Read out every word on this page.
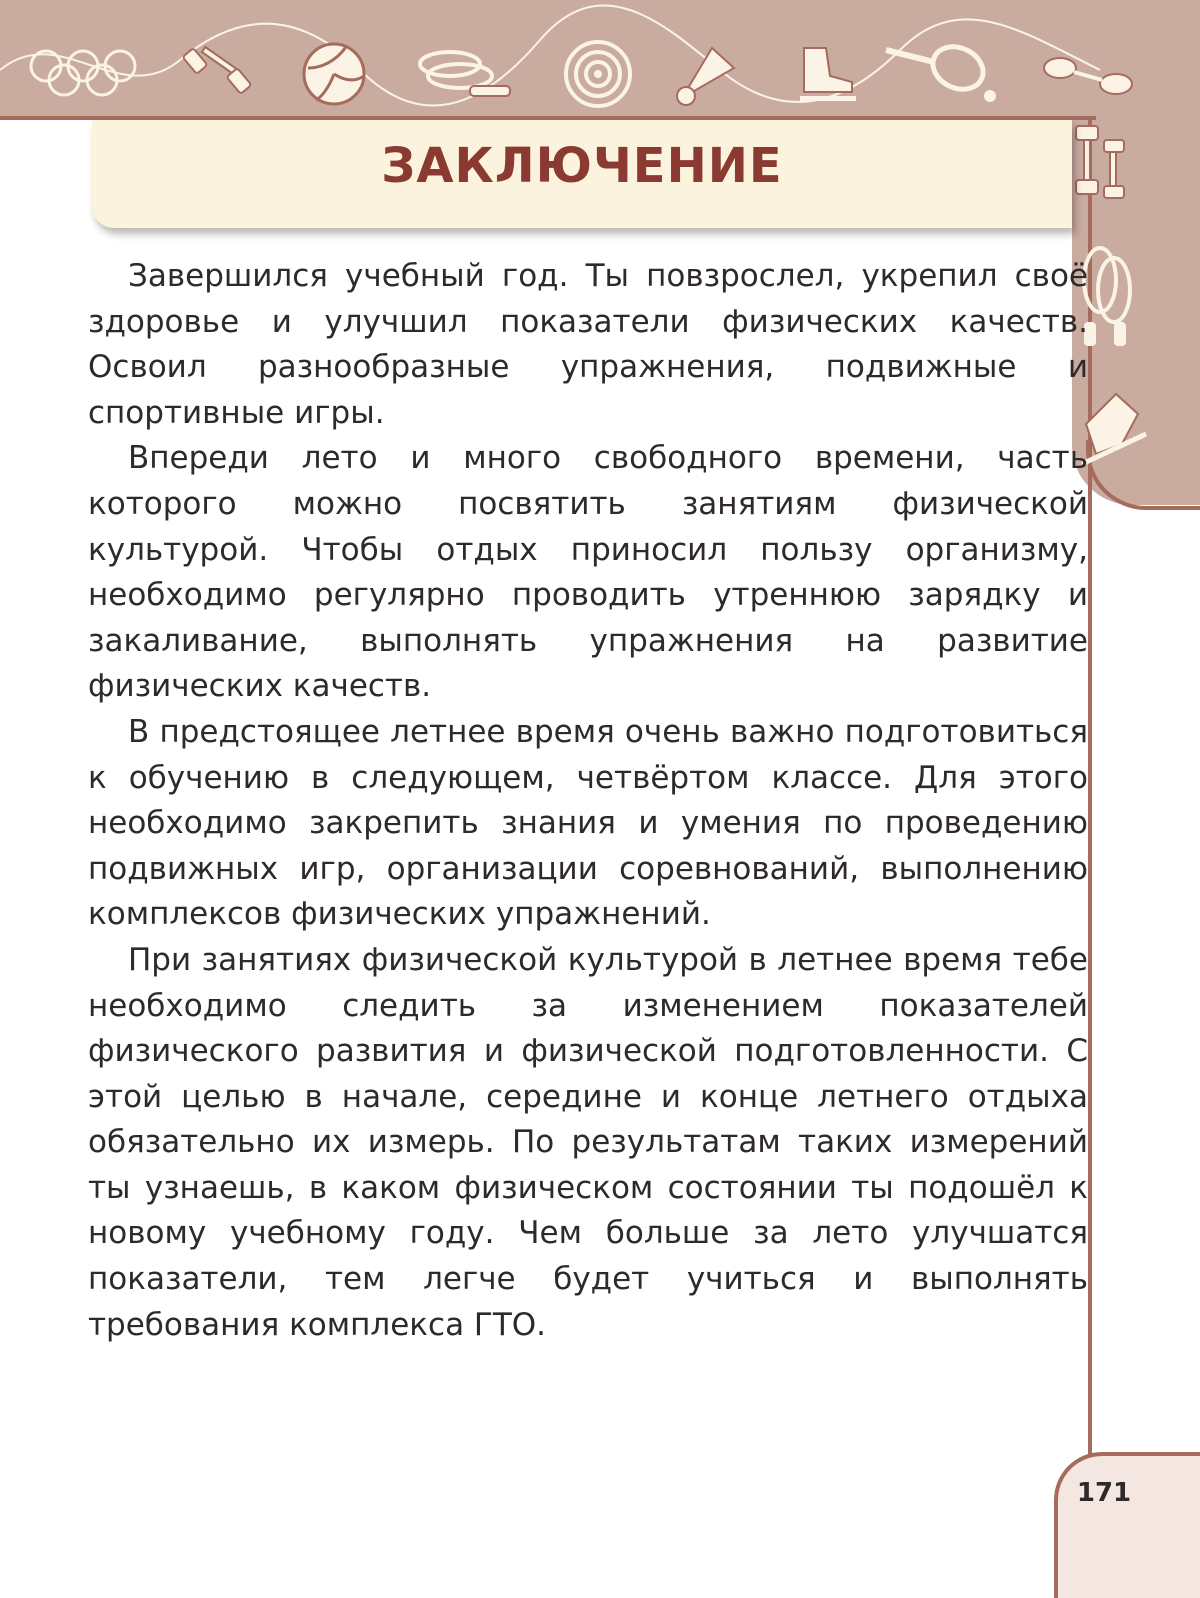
ЗАКЛЮЧЕНИЕ

Завершился учебный год. Ты повзрослел, укрепил своё здоровье и улучшил показатели физических качеств. Освоил разнообразные упражнения, подвижные и спортивные игры.

Впереди лето и много свободного времени, часть которого можно посвятить занятиям физической культурой. Чтобы отдых приносил пользу организму, необходимо регулярно проводить утреннюю зарядку и закаливание, выполнять упражнения на развитие физических качеств.

В предстоящее летнее время очень важно подготовиться к обучению в следующем, четвёртом классе. Для этого необходимо закрепить знания и умения по проведению подвижных игр, организации соревнований, выполнению комплексов физических упражнений.

При занятиях физической культурой в летнее время тебе необходимо следить за изменением показателей физического развития и физической подготовленности. С этой целью в начале, середине и конце летнего отдыха обязательно их измерь. По результатам таких измерений ты узнаешь, в каком физическом состоянии ты подошёл к новому учебному году. Чем больше за лето улучшатся показатели, тем легче будет учиться и выполнять требования комплекса ГТО.

171
